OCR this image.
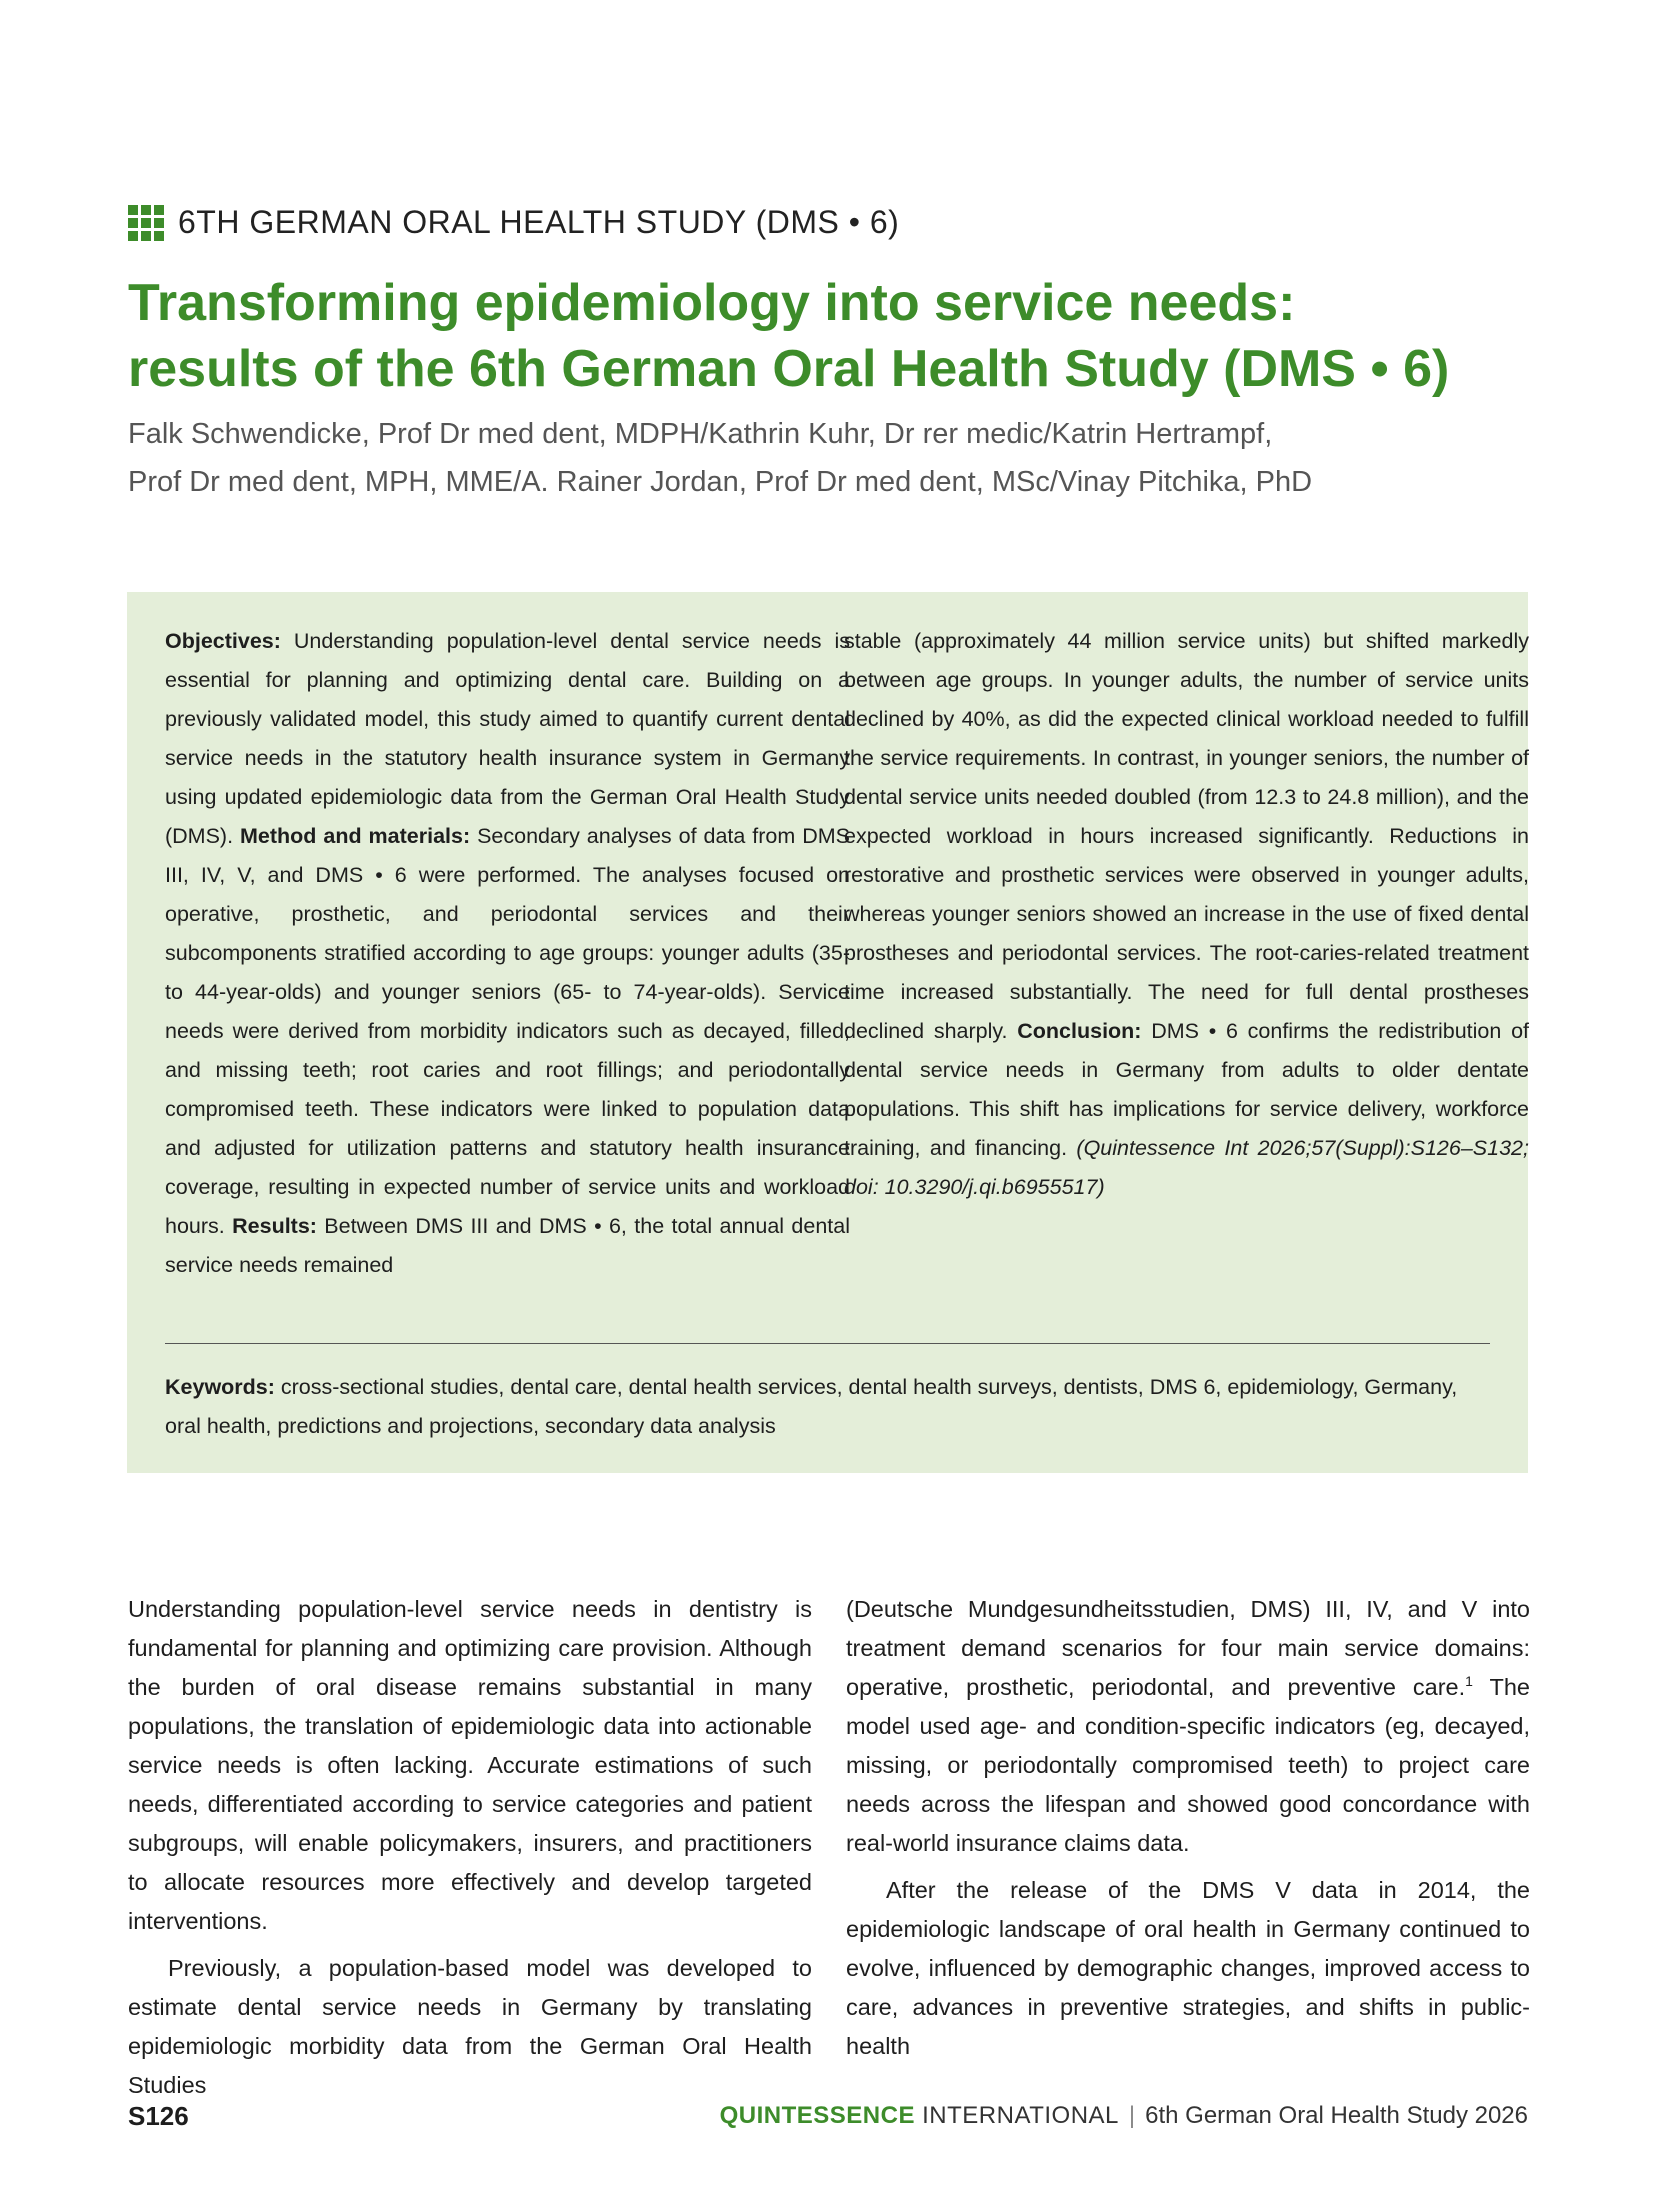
6TH GERMAN ORAL HEALTH STUDY (DMS • 6)
Transforming epidemiology into service needs:
results of the 6th German Oral Health Study (DMS • 6)
Falk Schwendicke, Prof Dr med dent, MDPH/Kathrin Kuhr, Dr rer medic/Katrin Hertrampf,
Prof Dr med dent, MPH, MME/A. Rainer Jordan, Prof Dr med dent, MSc/Vinay Pitchika, PhD
Objectives: Understanding population-level dental service needs is essential for planning and optimizing dental care. Building on a previously validated model, this study aimed to quantify current dental service needs in the statutory health insurance system in Germany using updated epidemiologic data from the German Oral Health Study (DMS). Method and materials: Secondary analyses of data from DMS III, IV, V, and DMS • 6 were performed. The analyses focused on operative, prosthetic, and periodontal services and their subcomponents stratified according to age groups: younger adults (35- to 44-year-olds) and younger seniors (65- to 74-year-olds). Service needs were derived from morbidity indicators such as decayed, filled, and missing teeth; root caries and root fillings; and periodontally compromised teeth. These indicators were linked to population data and adjusted for utilization patterns and statutory health insurance coverage, resulting in expected number of service units and workload hours. Results: Between DMS III and DMS • 6, the total annual dental service needs remained
stable (approximately 44 million service units) but shifted markedly between age groups. In younger adults, the number of service units declined by 40%, as did the expected clinical workload needed to fulfill the service requirements. In contrast, in younger seniors, the number of dental service units needed doubled (from 12.3 to 24.8 million), and the expected workload in hours increased significantly. Reductions in restorative and prosthetic services were observed in younger adults, whereas younger seniors showed an increase in the use of fixed dental prostheses and periodontal services. The root-caries-related treatment time increased substantially. The need for full dental prostheses declined sharply. Conclusion: DMS • 6 confirms the redistribution of dental service needs in Germany from adults to older dentate populations. This shift has implications for service delivery, workforce training, and financing. (Quintessence Int 2026;57(Suppl):S126–S132; doi: 10.3290/j.qi.b6955517)
Keywords: cross-sectional studies, dental care, dental health services, dental health surveys, dentists, DMS 6, epidemiology, Germany, oral health, predictions and projections, secondary data analysis

Understanding population-level service needs in dentistry is fundamental for planning and optimizing care provision. Although the burden of oral disease remains substantial in many populations, the translation of epidemiologic data into actionable service needs is often lacking. Accurate estimations of such needs, differentiated according to service categories and patient subgroups, will enable policymakers, insurers, and practitioners to allocate resources more effectively and develop targeted interventions.

Previously, a population-based model was developed to estimate dental service needs in Germany by translating epidemiologic morbidity data from the German Oral Health Studies

(Deutsche Mundgesundheitsstudien, DMS) III, IV, and V into treatment demand scenarios for four main service domains: operative, prosthetic, periodontal, and preventive care.$^1$ The model used age- and condition-specific indicators (eg, decayed, missing, or periodontally compromised teeth) to project care needs across the lifespan and showed good concordance with real-world insurance claims data.

After the release of the DMS V data in 2014, the epidemiologic landscape of oral health in Germany continued to evolve, influenced by demographic changes, improved access to care, advances in preventive strategies, and shifts in public-health

S126	QUINTESSENCE INTERNATIONAL | 6th German Oral Health Study 2026
